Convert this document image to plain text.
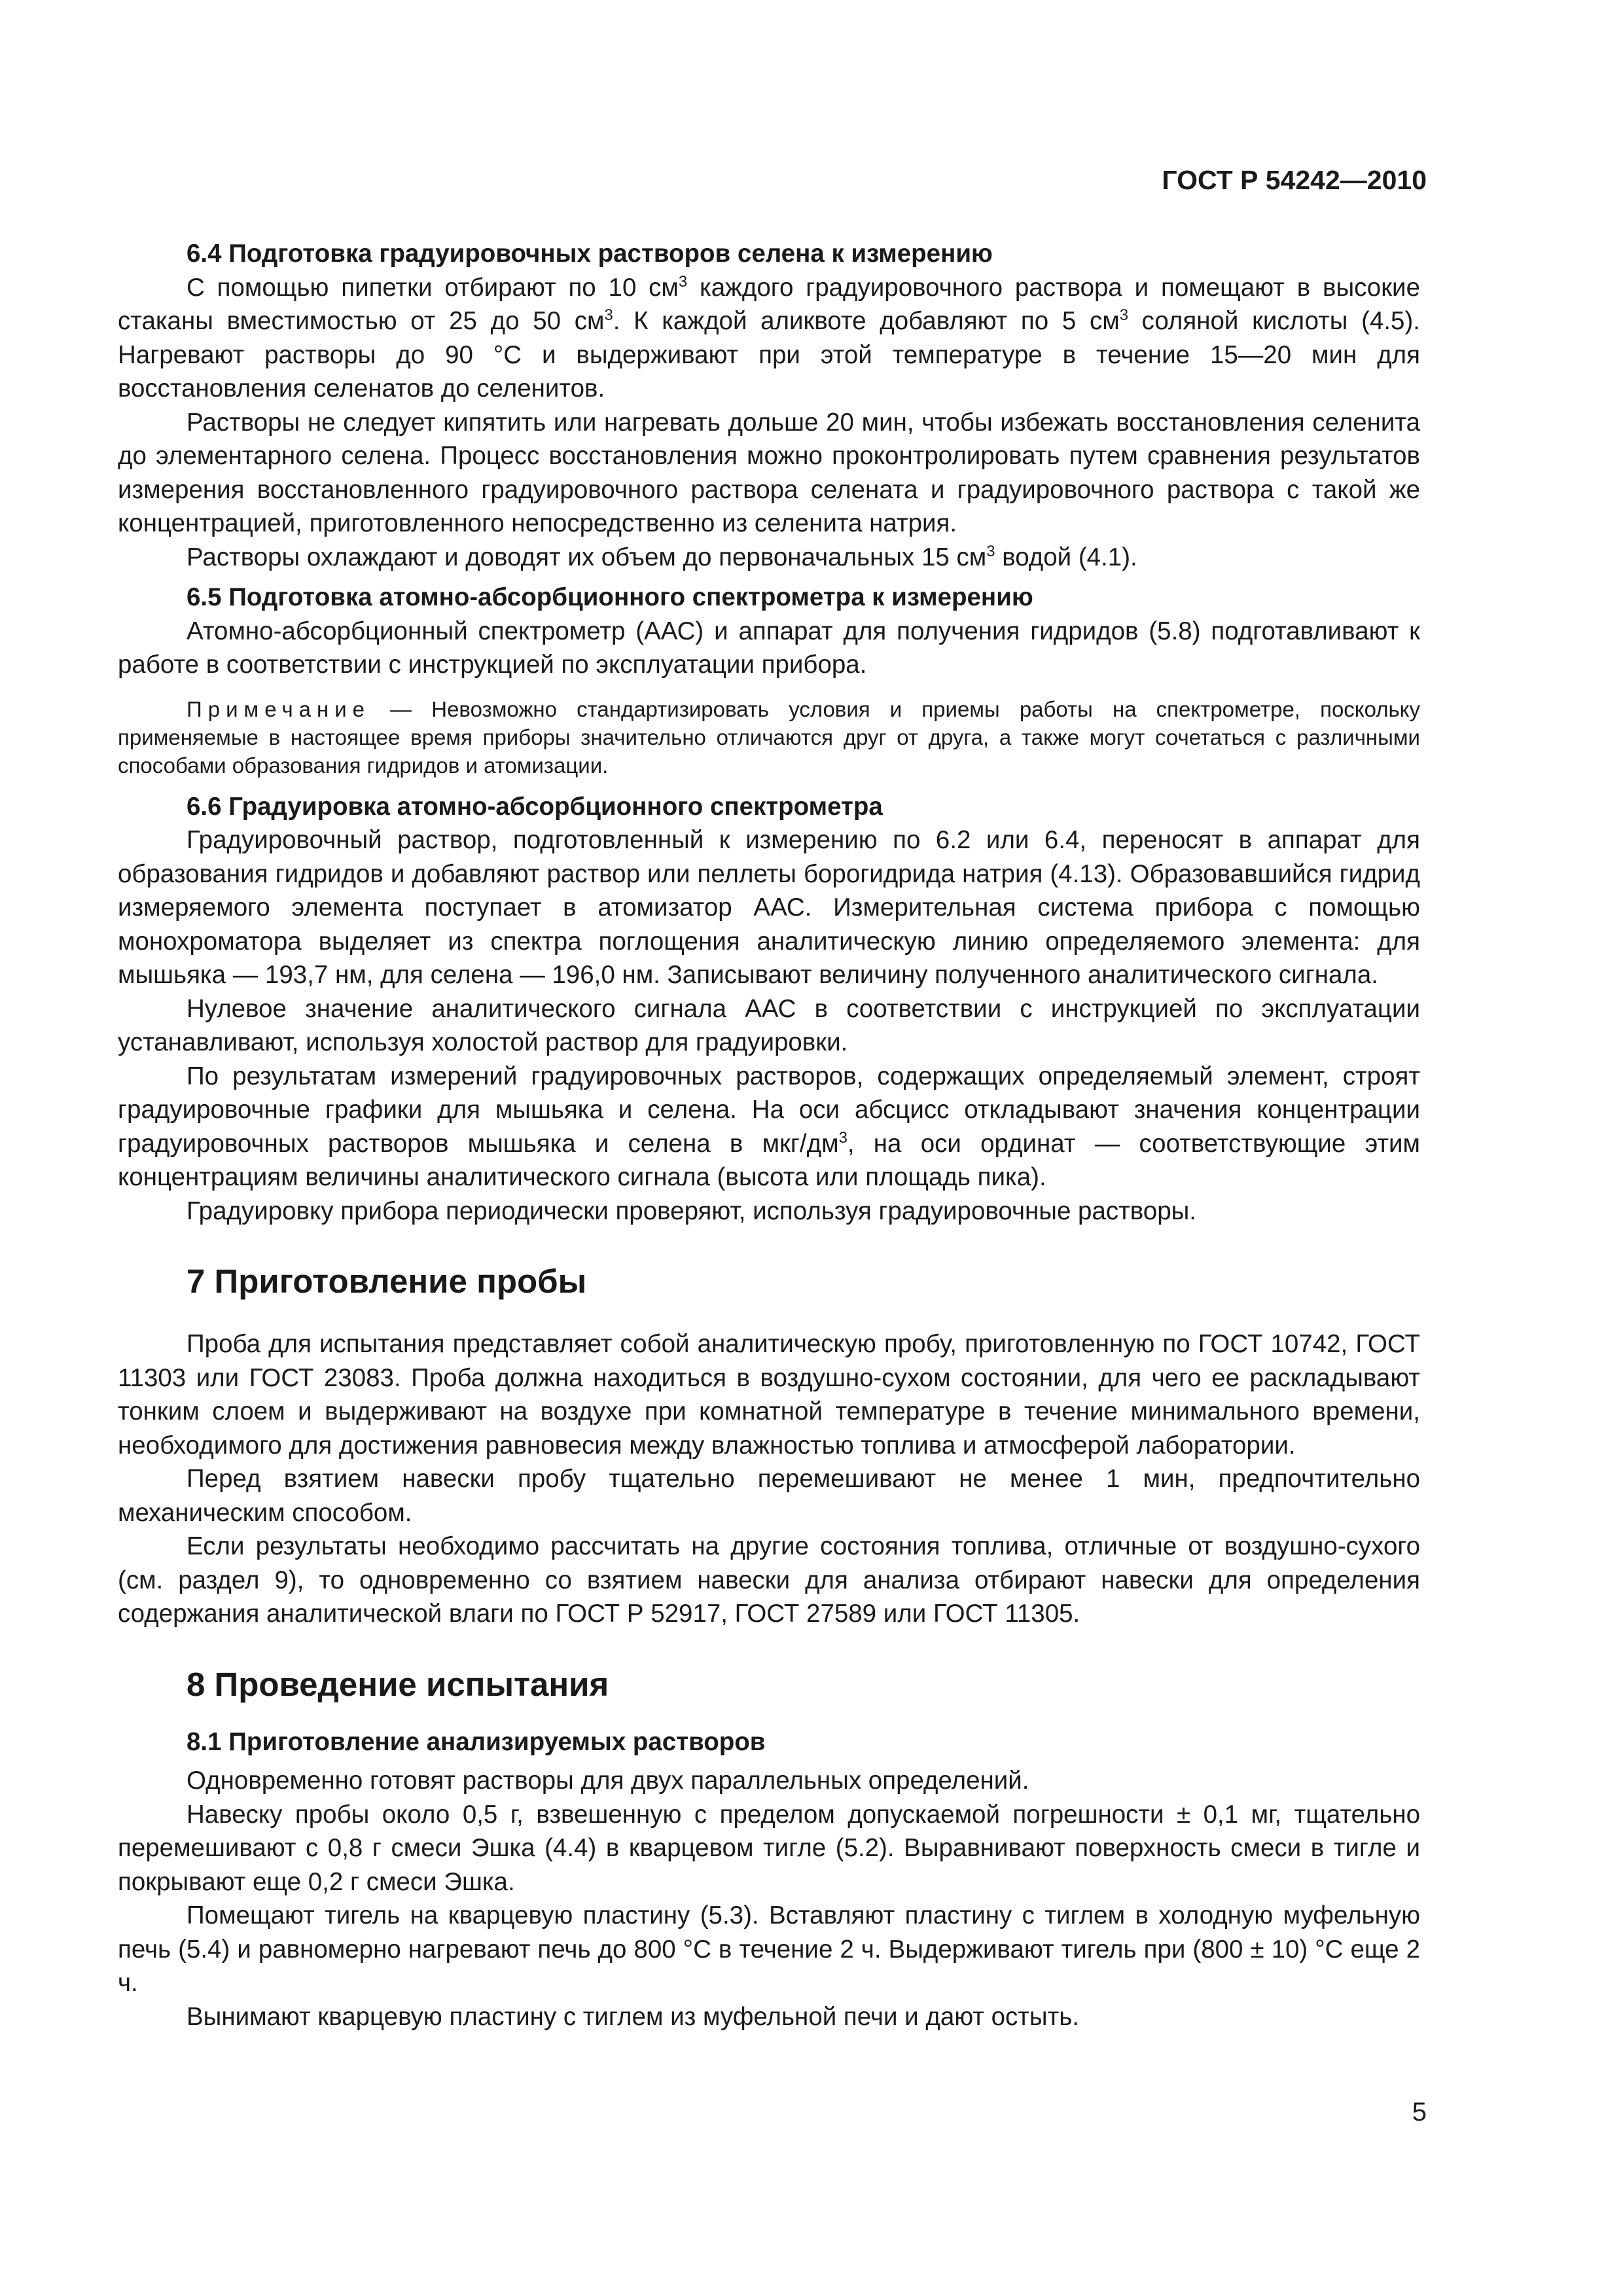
ГОСТ Р 54242—2010
6.4 Подготовка градуировочных растворов селена к измерению

С помощью пипетки отбирают по 10 $см^3$ каждого градуировочного раствора и помещают в высокие стаканы вместимостью от 25 до 50 $см^3$. К каждой аликвоте добавляют по 5 $см^3$ соляной кислоты (4.5). Нагревают растворы до 90 °С и выдерживают при этой температуре в течение 15—20 мин для восстановления селенатов до селенитов.

Растворы не следует кипятить или нагревать дольше 20 мин, чтобы избежать восстановления селенита до элементарного селена. Процесс восстановления можно проконтролировать путем сравнения результатов измерения восстановленного градуировочного раствора селената и градуировочного раствора с такой же концентрацией, приготовленного непосредственно из селенита натрия.

Растворы охлаждают и доводят их объем до первоначальных 15 $см^3$ водой (4.1).

6.5 Подготовка атомно-абсорбционного спектрометра к измерению

Атомно-абсорбционный спектрометр (ААС) и аппарат для получения гидридов (5.8) подготавливают к работе в соответствии с инструкцией по эксплуатации прибора.

Примечание — Невозможно стандартизировать условия и приемы работы на спектрометре, поскольку применяемые в настоящее время приборы значительно отличаются друг от друга, а также могут сочетаться с различными способами образования гидридов и атомизации.
6.6 Градуировка атомно-абсорбционного спектрометра

Градуировочный раствор, подготовленный к измерению по 6.2 или 6.4, переносят в аппарат для образования гидридов и добавляют раствор или пеллеты борогидрида натрия (4.13). Образовавшийся гидрид измеряемого элемента поступает в атомизатор ААС. Измерительная система прибора с помощью монохроматора выделяет из спектра поглощения аналитическую линию определяемого элемента: для мышьяка — 193,7 нм, для селена — 196,0 нм. Записывают величину полученного аналитического сигнала.

Нулевое значение аналитического сигнала ААС в соответствии с инструкцией по эксплуатации устанавливают, используя холостой раствор для градуировки.

По результатам измерений градуировочных растворов, содержащих определяемый элемент, строят градуировочные графики для мышьяка и селена. На оси абсцисс откладывают значения концентрации градуировочных растворов мышьяка и селена в мкг/$дм^3$, на оси ординат — соответствующие этим концентрациям величины аналитического сигнала (высота или площадь пика).

Градуировку прибора периодически проверяют, используя градуировочные растворы.

7 Приготовление пробы

Проба для испытания представляет собой аналитическую пробу, приготовленную по ГОСТ 10742, ГОСТ 11303 или ГОСТ 23083. Проба должна находиться в воздушно-сухом состоянии, для чего ее раскладывают тонким слоем и выдерживают на воздухе при комнатной температуре в течение минимального времени, необходимого для достижения равновесия между влажностью топлива и атмосферой лаборатории.

Перед взятием навески пробу тщательно перемешивают не менее 1 мин, предпочтительно механическим способом.

Если результаты необходимо рассчитать на другие состояния топлива, отличные от воздушно-сухого (см. раздел 9), то одновременно со взятием навески для анализа отбирают навески для определения содержания аналитической влаги по ГОСТ Р 52917, ГОСТ 27589 или ГОСТ 11305.

8 Проведение испытания
8.1 Приготовление анализируемых растворов

Одновременно готовят растворы для двух параллельных определений.

Навеску пробы около 0,5 г, взвешенную с пределом допускаемой погрешности ± 0,1 мг, тщательно перемешивают с 0,8 г смеси Эшка (4.4) в кварцевом тигле (5.2). Выравнивают поверхность смеси в тигле и покрывают еще 0,2 г смеси Эшка.

Помещают тигель на кварцевую пластину (5.3). Вставляют пластину с тиглем в холодную муфельную печь (5.4) и равномерно нагревают печь до 800 °С в течение 2 ч. Выдерживают тигель при (800 ± 10) °С еще 2 ч.

Вынимают кварцевую пластину с тиглем из муфельной печи и дают остыть.

5
